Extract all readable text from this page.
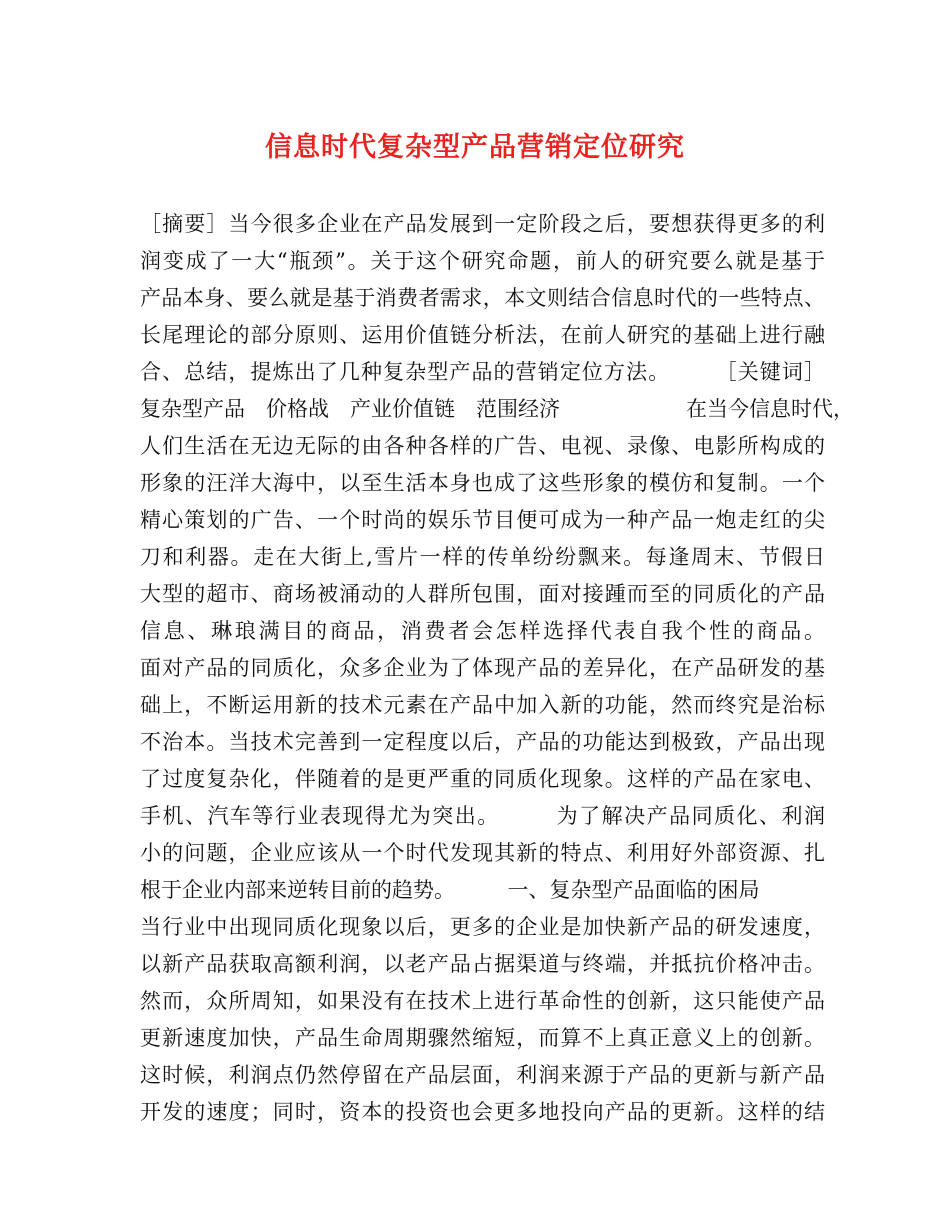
信息时代复杂型产品营销定位研究
［摘要］当今很多企业在产品发展到一定阶段之后，要想获得更多的利
润变成了一大“瓶颈”。关于这个研究命题，前人的研究要么就是基于
产品本身、要么就是基于消费者需求，本文则结合信息时代的一些特点、
长尾理论的部分原则、运用价值链分析法，在前人研究的基础上进行融
合、总结，提炼出了几种复杂型产品的营销定位方法。　　　［关键词］
复杂型产品　价格战　产业价值链　范围经济　　　　　　在当今信息时代，
人们生活在无边无际的由各种各样的广告、电视、录像、电影所构成的
形象的汪洋大海中，以至生活本身也成了这些形象的模仿和复制。一个
精心策划的广告、一个时尚的娱乐节目便可成为一种产品一炮走红的尖
刀和利器。走在大街上,雪片一样的传单纷纷飘来。每逢周末、节假日
大型的超市、商场被涌动的人群所包围，面对接踵而至的同质化的产品
信息、琳琅满目的商品，消费者会怎样选择代表自我个性的商品。
面对产品的同质化，众多企业为了体现产品的差异化，在产品研发的基
础上，不断运用新的技术元素在产品中加入新的功能，然而终究是治标
不治本。当技术完善到一定程度以后，产品的功能达到极致，产品出现
了过度复杂化，伴随着的是更严重的同质化现象。这样的产品在家电、
手机、汽车等行业表现得尤为突出。　　　为了解决产品同质化、利润
小的问题，企业应该从一个时代发现其新的特点、利用好外部资源、扎
根于企业内部来逆转目前的趋势。　　　一、复杂型产品面临的困局
当行业中出现同质化现象以后，更多的企业是加快新产品的研发速度，
以新产品获取高额利润，以老产品占据渠道与终端，并抵抗价格冲击。
然而，众所周知，如果没有在技术上进行革命性的创新，这只能使产品
更新速度加快，产品生命周期骤然缩短，而算不上真正意义上的创新。
这时候，利润点仍然停留在产品层面，利润来源于产品的更新与新产品
开发的速度；同时，资本的投资也会更多地投向产品的更新。这样的结
